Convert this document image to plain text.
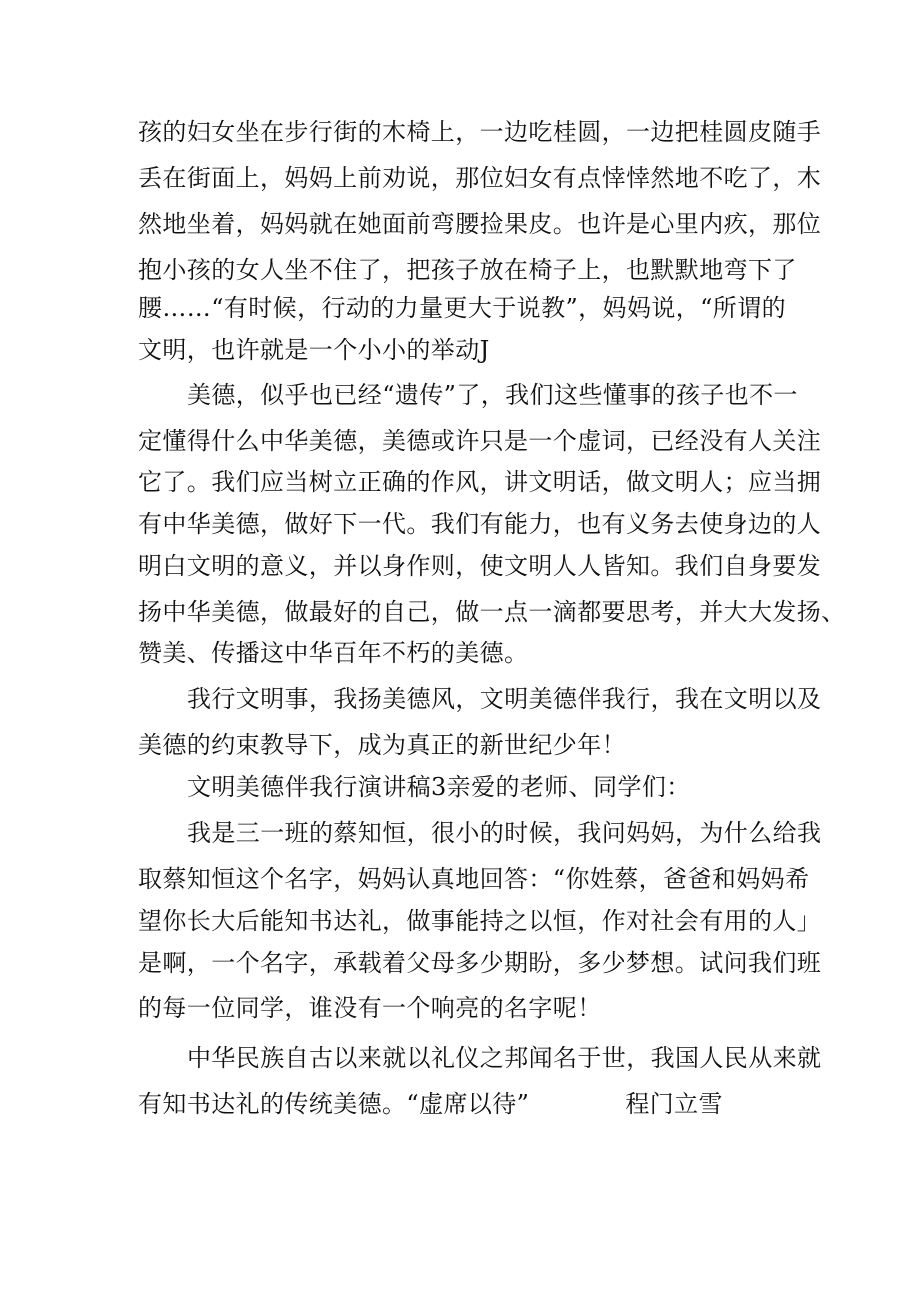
孩的妇女坐在步行街的木椅上，一边吃桂圆，一边把桂圆皮随手
丢在街面上，妈妈上前劝说，那位妇女有点悻悻然地不吃了，木
然地坐着，妈妈就在她面前弯腰捡果皮。也许是心里内疚，那位
抱小孩的女人坐不住了，把孩子放在椅子上，也默默地弯下了
腰……“有时候，行动的力量更大于说教”，妈妈说，“所谓的
文明，也许就是一个小小的举动J
美德，似乎也已经“遗传”了，我们这些懂事的孩子也不一
定懂得什么中华美德，美德或许只是一个虚词，已经没有人关注
它了。我们应当树立正确的作风，讲文明话，做文明人；应当拥
有中华美德，做好下一代。我们有能力，也有义务去使身边的人
明白文明的意义，并以身作则，使文明人人皆知。我们自身要发
扬中华美德，做最好的自己，做一点一滴都要思考，并大大发扬、
赞美、传播这中华百年不朽的美德。
我行文明事，我扬美德风，文明美德伴我行，我在文明以及
美德的约束教导下，成为真正的新世纪少年！
文明美德伴我行演讲稿3亲爱的老师、同学们：
我是三一班的蔡知恒，很小的时候，我问妈妈，为什么给我
取蔡知恒这个名字，妈妈认真地回答：“你姓蔡，爸爸和妈妈希
望你长大后能知书达礼，做事能持之以恒，作对社会有用的人」
是啊，一个名字，承载着父母多少期盼，多少梦想。试问我们班
的每一位同学，谁没有一个响亮的名字呢！
中华民族自古以来就以礼仪之邦闻名于世，我国人民从来就
有知书达礼的传统美德。“虚席以待”	程门立雪
